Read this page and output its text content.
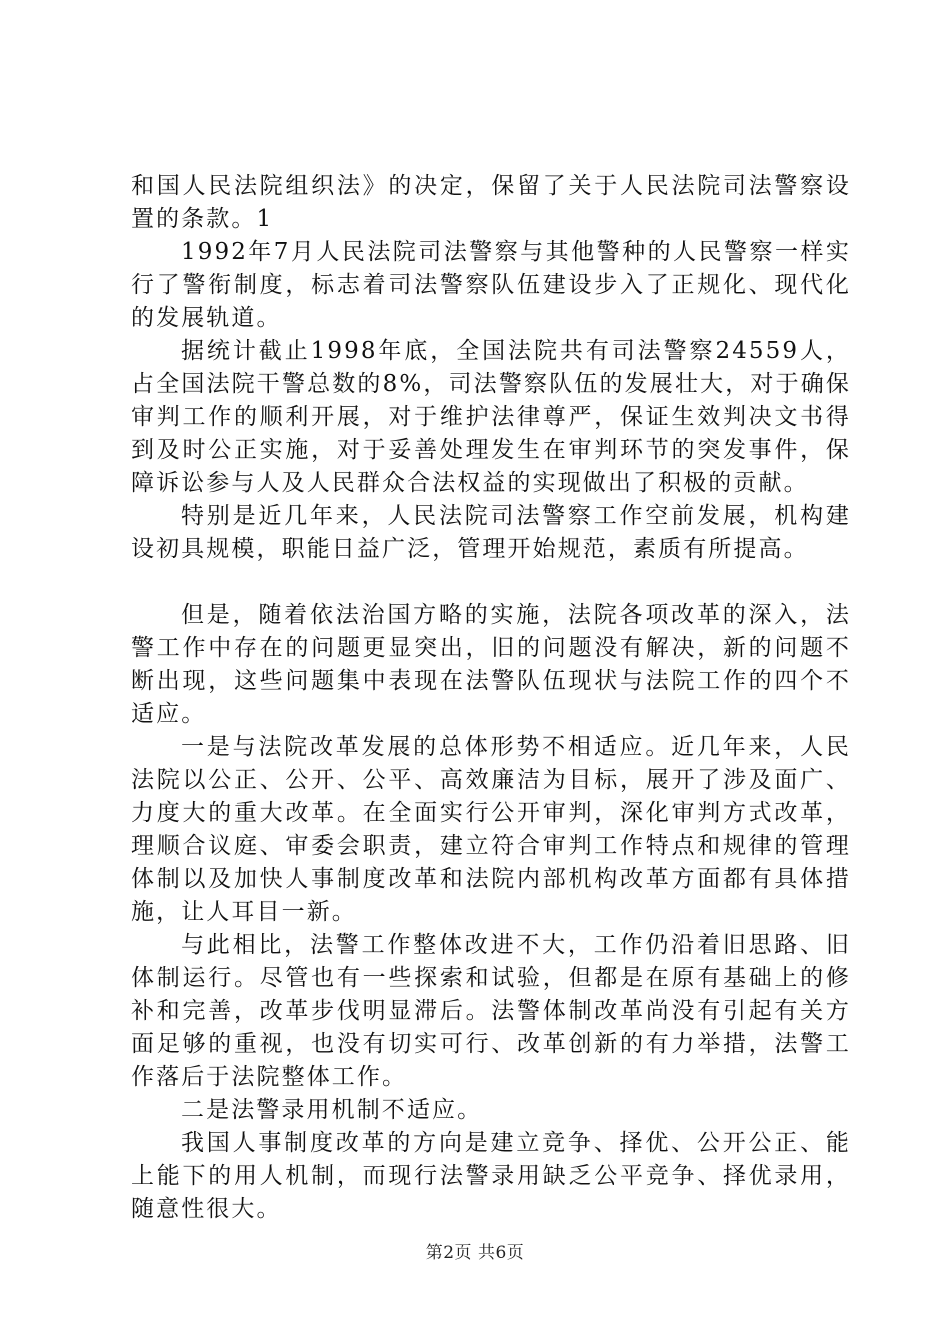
和国人民法院组织法》的决定，保留了关于人民法院司法警察设置的条款。1

1992年7月人民法院司法警察与其他警种的人民警察一样实行了警衔制度，标志着司法警察队伍建设步入了正规化、现代化的发展轨道。

据统计截止1998年底，全国法院共有司法警察24559人，占全国法院干警总数的8%，司法警察队伍的发展壮大，对于确保审判工作的顺利开展，对于维护法律尊严，保证生效判决文书得到及时公正实施，对于妥善处理发生在审判环节的突发事件，保障诉讼参与人及人民群众合法权益的实现做出了积极的贡献。

特别是近几年来，人民法院司法警察工作空前发展，机构建设初具规模，职能日益广泛，管理开始规范，素质有所提高。

但是，随着依法治国方略的实施，法院各项改革的深入，法警工作中存在的问题更显突出，旧的问题没有解决，新的问题不断出现，这些问题集中表现在法警队伍现状与法院工作的四个不适应。

一是与法院改革发展的总体形势不相适应。近几年来，人民法院以公正、公开、公平、高效廉洁为目标，展开了涉及面广、力度大的重大改革。在全面实行公开审判，深化审判方式改革，理顺合议庭、审委会职责，建立符合审判工作特点和规律的管理体制以及加快人事制度改革和法院内部机构改革方面都有具体措施，让人耳目一新。

与此相比，法警工作整体改进不大，工作仍沿着旧思路、旧体制运行。尽管也有一些探索和试验，但都是在原有基础上的修补和完善，改革步伐明显滞后。法警体制改革尚没有引起有关方面足够的重视，也没有切实可行、改革创新的有力举措，法警工作落后于法院整体工作。

二是法警录用机制不适应。

我国人事制度改革的方向是建立竞争、择优、公开公正、能上能下的用人机制，而现行法警录用缺乏公平竞争、择优录用，随意性很大。

第2页 共6页
